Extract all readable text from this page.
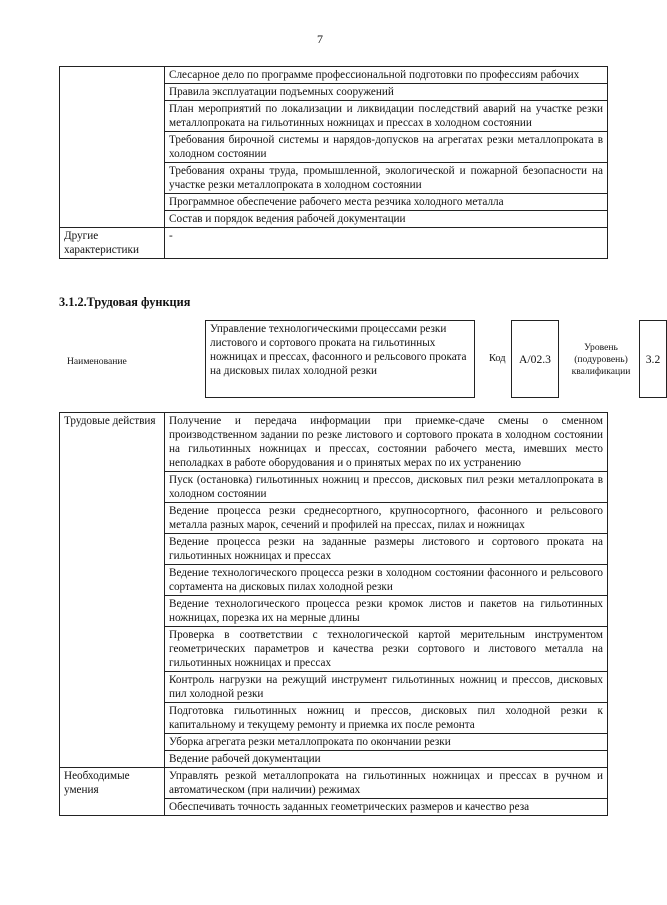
7
	Слесарное дело по программе профессиональной подготовки по профессиям рабочих
	Правила эксплуатации подъемных сооружений
	План мероприятий по локализации и ликвидации последствий аварий на участке резки металлопроката на гильотинных ножницах и прессах в холодном состоянии
	Требования бирочной системы и нарядов-допусков на агрегатах резки металлопроката в холодном состоянии
	Требования охраны труда, промышленной, экологической и пожарной безопасности на участке резки металлопроката в холодном состоянии
	Программное обеспечение рабочего места резчика холодного металла
	Состав и порядок ведения рабочей документации
Другие характеристики	-
3.1.2.Трудовая функция
Наименование
Управление технологическими процессами резки листового и сортового проката на гильотинных ножницах и прессах, фасонного и рельсового проката на дисковых пилах холодной резки
Код	А/02.3
Уровень (подуровень) квалификации
3.2
Трудовые действия	Получение и передача информации при приемке-сдаче смены о сменном производственном задании по резке листового и сортового проката в холодном состоянии на гильотинных ножницах и прессах, состоянии рабочего места, имевших место неполадках в работе оборудования и о принятых мерах по их устранению
	Пуск (остановка) гильотинных ножниц и прессов, дисковых пил резки металлопроката в холодном состоянии
	Ведение процесса резки среднесортного, крупносортного, фасонного и рельсового металла разных марок, сечений и профилей на прессах, пилах и ножницах
	Ведение процесса резки на заданные размеры листового и сортового проката на гильотинных ножницах и прессах
	Ведение технологического процесса резки в холодном состоянии фасонного и рельсового сортамента на дисковых пилах холодной резки
	Ведение технологического процесса резки кромок листов и пакетов на гильотинных ножницах, порезка их на мерные длины
	Проверка в соответствии с технологической картой мерительным инструментом геометрических параметров и качества резки сортового и листового металла на гильотинных ножницах и прессах
	Контроль нагрузки на режущий инструмент гильотинных ножниц и прессов, дисковых пил холодной резки
	Подготовка гильотинных ножниц и прессов, дисковых пил холодной резки к капитальному и текущему ремонту и приемка их после ремонта
	Уборка агрегата резки металлопроката по окончании резки
	Ведение рабочей документации
Необходимые умения	Управлять резкой металлопроката на гильотинных ножницах и прессах в ручном и автоматическом (при наличии) режимах
	Обеспечивать точность заданных геометрических размеров и качество реза
